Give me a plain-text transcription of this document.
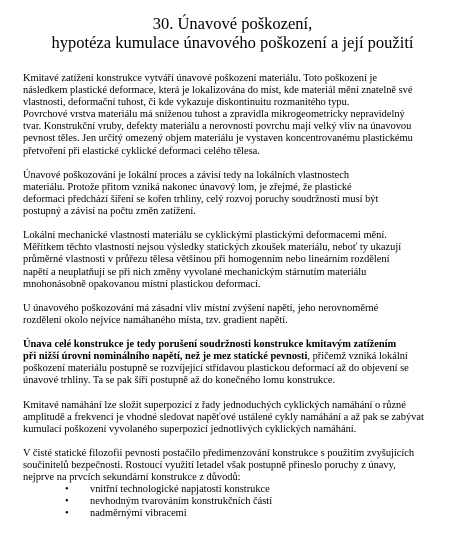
30. Únavové poškození,
hypotéza kumulace únavového poškození a její použití

Kmitavé zatížení konstrukce vytváří únavové poškození materiálu. Toto poškození je
následkem plastické deformace, která je lokalizována do míst, kde materiál mění znatelně své
vlastnosti, deformační tuhost, či kde vykazuje diskontinuitu rozmanitého typu.
Povrchové vrstva materiálu má sníženou tuhost a zpravidla mikrogeometricky nepravidelný
tvar. Konstrukční vruby, defekty materiálu a nerovnosti povrchu mají velký vliv na únavovou
pevnost těles. Jen určitý omezený objem materiálu je vystaven koncentrovanému plastickému
přetvoření při elastické cyklické deformaci celého tělesa.

Únavové poškozování je lokální proces a závisí tedy na lokálních vlastnostech
materiálu. Protože přitom vzniká nakonec únavový lom, je zřejmé, že plastické
deformaci předchází šíření se kořen trhliny, celý rozvoj poruchy soudržnosti musí být
postupný a závisí na počtu změn zatížení.

Lokální mechanické vlastnosti materiálu se cyklickými plastickými deformacemi mění.
Měřítkem těchto vlastností nejsou výsledky statických zkoušek materiálu, neboť ty ukazují
průměrné vlastnosti v průřezu tělesa většinou při homogenním nebo lineárním rozdělení
napětí a neuplatňují se při nich změny vyvolané mechanickým stárnutím materiálu
mnohonásobně opakovanou místní plastickou deformací.

U únavového poškozování má zásadní vliv místní zvýšení napětí, jeho nerovnoměrné
rozdělení okolo nejvíce namáhaného místa, tzv. gradient napětí.

Únava celé konstrukce je tedy porušení soudržnosti konstrukce kmitavým zatížením
při nižší úrovni nominálního napětí, než je mez statické pevnosti, přičemž vzniká lokální
poškození materiálu postupně se rozvíjející střídavou plastickou deformací až do objevení se
únavové trhliny. Ta se pak šíří postupně až do konečného lomu konstrukce.

Kmitavé namáhání lze složit superpozicí z řady jednoduchých cyklických namáhání o různé
amplitudě a frekvenci je vhodné sledovat napěťové ustálené cykly namáhání a až pak se zabývat
kumulací poškození vyvolaného superpozicí jednotlivých cyklických namáhání.

V čisté statické filozofii pevnosti postačilo předimenzování konstrukce s použitím zvyšujících
součinitelů bezpečnosti. Rostoucí využití letadel však postupně přineslo poruchy z únavy,
nejprve na prvcích sekundární konstrukce z důvodů:

• vnitřní technologické napjatosti konstrukce
• nevhodným tvarováním konstrukčních částí
• nadměrnými vibracemi
